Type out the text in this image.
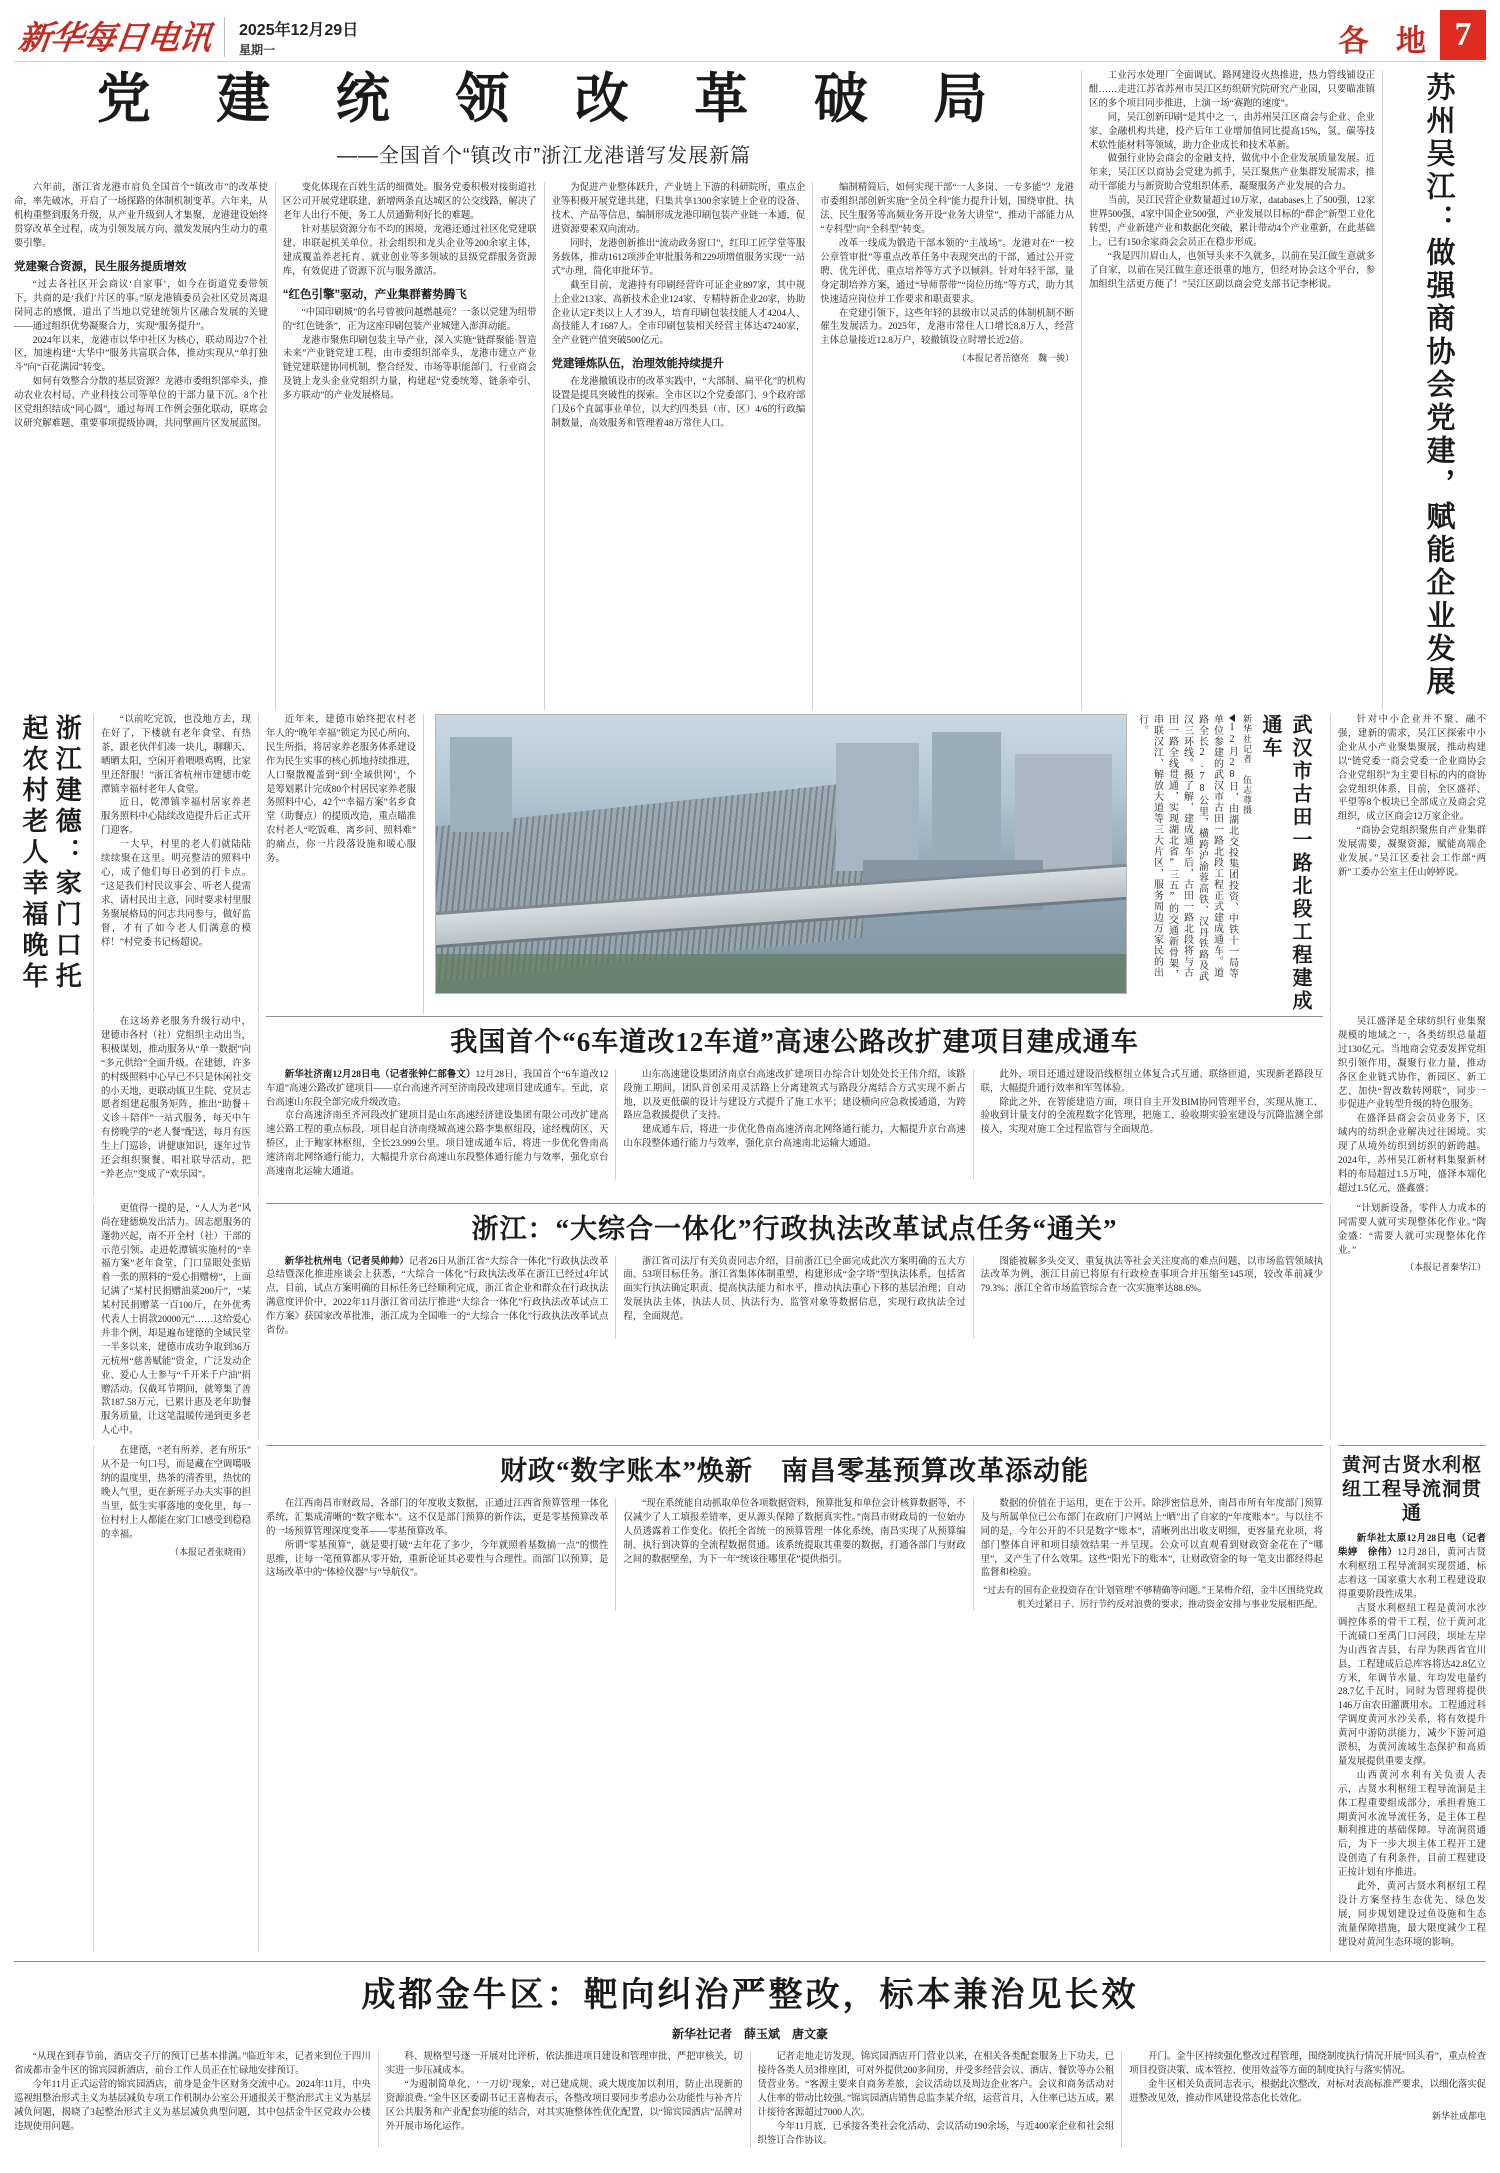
新华每日电讯 2025年12月29日
星期一	各 地 7
党 建 统 领 改 革 破 局
——全国首个“镇改市”浙江龙港谱写发展新篇

六年前，浙江省龙港市肩负全国首个“镇改市”的改革使命，率先破冰，开启了一场探路的体制机制变革。六年来，从机构重整到服务升级，从产业升级到人才集聚，龙港建设始终贯穿改革全过程，成为引领发展方向、激发发展内生动力的重要引擎。

党建聚合资源，民生服务提质增效

“过去各社区开会商议‘自家事’，如今在街道党委带领下，共商的是‘我们’片区的事。”原龙港镇委员会社区党员离退岗同志的感慨，道出了当地以党建统领片区融合发展的关键——通过组织优势凝聚合力，实现“服务提升”。

2024年以来，龙港市以华中社区为核心，联动周边7个社区，加速构建“大华中”服务共富联合体，推动实现从“单打独斗”向“百花满园”转变。

如何有效整合分散的基层资源？龙港市委组织部牵头，推动农业农村局、产业科技公司等单位的干部力量下沉。8个社区党组织结成“同心圆”，通过每周工作例会强化联动，联席会议研究解难题、重要事项提级协调，共同擘画片区发展蓝图。

变化体现在百姓生活的细微处。服务党委积极对接街道社区公司开展党建联建、新增两条直达城区的公交线路，解决了老年人出行不便、务工人员通勤利好长的难题。

针对基层资源分布不均的困境，龙港还通过社区化党建联建、串联起机关单位、社会组织和龙头企业等200余家主体，建成覆盖养老托育、就业创业等多领域的县级党群服务资源库，有效促进了资源下沉与服务激活。

“红色引擎”驱动，产业集群蓄势腾飞

“中国印刷城”的名号曾被问越燃越亮？一条以党建为纽带的“红色链条”，正为这座印刷包装产业城建入澎湃动能。

龙港市聚焦印刷包装主导产业，深入实施“链群聚能·智造未来”产业链党建工程，由市委组织部牵头，龙港市建立产业链党建联建协同机制，整合经发、市场等职能部门，行业商会及链上龙头企业党组织力量，构建起“党委统筹、链条牵引、多方联动”的产业发展格局。

为促进产业整体跃升，产业链上下游的科研院所，重点企业等积极开展党建共建，归集共享1300余家链上企业的设备、技术、产品等信息，编制形成龙港印刷包装产业链一本通，促进资源要素双向流动。

同时，龙港创新推出“流动政务窗口”，红印工匠学堂等服务载体，推动1612项涉企审批服务和229项增值服务实现“一站式”办理，简化审批环节。

截至目前，龙港持有印刷经营许可证企业897家，其中规上企业213家、高新技术企业124家、专精特新企业20家，协助企业认定F类以上人才39人，培育印刷包装技能人才4204人、高技能人才1687人。全市印刷包装相关经营主体达47240家，全产业链产值突破500亿元。

党建锤炼队伍，治理效能持续提升

在龙港撤镇设市的改革实践中，“大部制、扁平化”的机构设置是提具突破性的探索。全市区以2个党委部门、9个政府部门及6个直属事业单位，以大约四类县（市、区）4/6的行政编制数量，高效服务和管理着48万常住人口。

编制精简后，如何实现干部“一人多岗、一专多能”？龙港市委组织部创新实施“全员全科”能力提升计划，围绕审批、执法、民生服务等高频业务开设“业务大讲堂”，推动干部能力从“专科型”向“全科型”转变。

改革一线成为锻造干部本领的“主战场”。龙港对在“一校公章管审批”等重点改革任务中表现突出的干部，通过公开竞聘、优先评优、重点培养等方式予以倾斜。针对年轻干部，量身定制培养方案，通过“导师帮带”“岗位历练”等方式，助力其快速适应岗位并工作要求和职责要求。

在党建引领下，这些年轻的县级市以灵活的体制机制不断催生发展活力。2025年，龙港市常住人口增长8.8万人，经营主体总量接近12.8万户，较撤镇设立时增长近2倍。

（本报记者岳德亮　魏一骏）

工业污水处理厂全面调试、路网建设火热推进，热力管线铺设正酣……走进江苏省苏州市吴江区纺织研究院研究产业园，只要瞄准镇区的多个项目同步推进，上演一场“赛跑的速度”。

同，吴江创新印刷“是其中之一，由苏州吴江区商会与企业、企业家、金融机构共建，投产后年工业增加值同比提高15%，氢、碳等技术软性能材料等领域，助力企业成长和技术革新。

做强行业协会商会的金融支持，做优中小企业发展质量发展。近年来，吴江区以商协会党建为抓手，吴江聚焦产业集群发展需求，推动干部能力与新资助合党组织体系，凝聚服务产业发展的合力。

当前，吴江民营企业数量超过10万家，databases上了500强，12家世界500强，4家中国企业500强，产业发展以目标的“群企”新型工业化转型，产业新建产业和数据化突破，累计带动4个产业重新，在此基础上，已有150余家商会会员正在稳步形成。

“我是四川眉山人，也领导头来不久就多，以前在吴江做生意就多了自家，以前在吴江做生意还很重的地方，但经对协会这个平台，参加组织生活更方便了！”吴江区副以商会党支部书记李彬说。	苏州吴江：做强商协会党建，赋能企业发展
浙江建德：家门口托起农村老人幸福晚年	“以前吃完饭，也没地方去，现在好了，下楼就有老年食堂、有热茶，跟老伙伴们凑一块儿，聊聊天、晒晒太阳，空闲开着喂喂鸡鸭，比家里还舒服！”浙江省杭州市建德市乾潭镇幸福村老年人食堂。

近日，乾潭镇幸福村居家养老服务照料中心陆续改造提升后正式开门迎客。

一大早，村里的老人们就陆陆续续聚在这里。明亮整洁的照料中心，成了他们每日必到的打卡点。“这是我们村民议事会、听老人提需求，请村民出主意，同时要求村里服务聚展格局的问志共同参与，做好监督，才有了如今老人们满意的模样！”村党委书记杨超说。

近年来，建德市始终把农村老年人的“晚年幸福”锁定为民心所向、民生所指，将居家养老服务体系建设作为民生实事的核心抓地持续推进，人口聚散覆盖到“到‘全域供网’，个是筹划累计完成80个村居民家养老服务照料中心，42个“幸福方案”名乡食堂（助餐点）的提质改造，重点瞄准农村老人“吃饭难、离乡问、照料难”的痛点，你一片段落设施和暖心服务。	12月28日，由湖北交投集团投资、中铁十一局等单位参建的武汉市古田一路北段工程正式建成通车。道路全长2.78公里，横跨沪渝蓉高铁、汉丹铁路及武汉三环线。摄了解，建成通车后，古田一路北段将与古田一路全线贯通，实现湖北省“三五”的交通新骨架，串联汉江、解放大道等三大片区，服务周边万家民的出行。	新华社记者 伍志尊摄	武汉市古田一路北段工程建成通车	针对中小企业并不聚、融不强，建新的需求，吴江区探索中小企业从小产业聚集聚展，推动构建以“链党委一商会党委一企业商协会合业党组织”为主要目标的内的商协会党组织体系，目前，全区盛祥、平望等8个板块已全部成立及商会党组织，成立区商会12万家企业。

“商协会党组织聚焦自产业集群发展需要，凝聚资源，赋能高端企业发展。”吴江区委社会工作部“两新”工委办公室主任山婷婷说。

在这场养老服务升级行动中，建德市各村（社）党组织主动出当，积极谋划，推动服务从“单一数据”向“多元供给”全面升级。在建德，许多的村级照料中心早已不只是休闲社交的小天地，更联动镇卫生院、党员志愿者组建起服务矩阵，推出“助餐＋义诊＋陪伴”一站式服务，每天中午有傍晚学的“老人餐”配送，每月有医生上门巡诊，讲健康知识，逐年过节还会组织聚餐、唱社联导活动，把“养老点”变成了“欢乐园”。

我国首个“6车道改12车道”高速公路改扩建项目建成通车

新华社济南12月28日电（记者张钟仁部鲁文）12月28日，我国首个“6车道改12车道”高速公路改扩建项目——京台高速齐河至济南段改建项目建成通车。至此，京台高速山东段全部完成升级改造。

京台高速济南至齐河段改扩建项目是山东高速经济建设集团有限公司改扩建高速公路工程的重点标段，项目起自济南绕城高速公路李集枢纽段，途经槐荫区、天桥区，止于鲍家林枢纽，全长23.999公里。项目建成通车后，将进一步优化鲁南高速济南北网络通行能力，大幅提升京台高速山东段整体通行能力与效率，强化京台高速南北运输大通道。

山东高速建设集团济南京台高速改扩建项目办综合计划处处长王伟介绍，该路段施工期间，团队首创采用灵活路上分离建筑式与路段分离结合方式实现不新占地，以及更低碳的设计与建设方式提升了施工水平；建设横向应急救援通道，为跨路应急救援提供了支持。

建成通车后，将进一步优化鲁南高速济南北网络通行能力，大幅提升京台高速山东段整体通行能力与效率，强化京台高速南北运输大通道。

此外，项目还通过建设沿线枢纽立体复合式互通、联络匝道，实现新老路段互联，大幅提升通行效率和军驾体验。

除此之外，在智能建造方面，项目自主开发BIM协同管理平台，实现从施工、验收到计量支付的全流程数字化管理，把施工、验收期实验室建设与沉降监测全部接入，实现对施工全过程监管与全面规范。

吴江盛泽是全球纺织行业集聚规模的地域之一，各类纺织总量超过130亿元。当地商会党委发挥党组织引领作用，凝聚行业力量，推动各区企业链式协作，新园区、新工艺、加快“智改数转网联”，同步一步促进产业转型升级的特色服务。

在盛泽县商会会员业务下，区域内的纺织企业解决过往困境。实现了从境外纺织到纺织的新跨越。2024年，苏州吴江新材料集聚新材料的布局超过1.5万吨，盛泽本端化超过1.5亿元，盛鑫盛；

更值得一提的是，“人人为老”风尚在建德焕发出活力。因志愿服务的蓬勃兴起，南不开全村（社）干部的示范引领。走进乾潭镇实施村的“幸福方案”老年食堂，门口显眼处张贴着一张的照料的“爱心捐赠榜”，上面记满了“某村民捐赠油菜200斤”，“某某村民捐赠菜一百100斤，在外优秀代表人士捐款20000元”……这给爱心并非个例，却是遍布建德的全域民堂一半多以来，建德市成功争取到36万元杭州“慈善赋能”资金，广泛发动企业、爱心人士参与“千开米千户油”捐赠活动。仅截耳节期间，就筹集了善款187.58万元，已累计惠及老年助餐服务质量，让这笔温暖传递到更多老人心中。

浙江：“大综合一体化”行政执法改革试点任务“通关”

新华社杭州电（记者吴帅帅）记者26日从浙江省“大综合一体化”行政执法改革总结暨深化推进座谈会上获悉，“大综合一体化”行政执法改革在浙江已经过4年试点，目前，试点方案明确的目标任务已经顺利完成，浙江省企业和群众在行政执法满意度评价中，2022年11月浙江省司法厅推进“大综合一体化”行政执法改革试点工作方案》获国家改革批准，浙江成为全国唯一的“大综合一体化”行政执法改革试点省份。

浙江省司法厅有关负责同志介绍，目前浙江已全面完成此次方案明确的五大方面、53项目标任务。浙江省集体体制重塑，构建形成“金字塔”型执法体系，包括省面实行执法确定职责、提高执法能力和水平，推动执法重心下移的基层治理；自动发展执法主体，执法人员、执法行为、监管对象等数据信息，实现行政执法全过程，全面规范。

图能被解多头交叉、重复执法等社会关注度高的难点问题，以市场监管领域执法改革为例，浙江目前已将原有行政检查事项合并压缩至145项，较改革前减少79.3%；浙江全省市场监管综合查一次实施率达88.6%。

“计划新设备，零件人力成本的同需要人就可实现整体化作业。”陶金盛：“需要人就可实现整体化作业。”

（本报记者秦华江）

在建德，“老有所养、老有所乐”从不是一句口号，而是藏在空调噶吸纳的温度里，热茶的清香里，热忱的晚人气里，更在新班子办夫实事的担当里，低生实事落地的变化里，每一位村村上人都能在家门口感受到稳稳的幸福。

（本报记者张晓雨）
财政“数字账本”焕新　南昌零基预算改革添动能

在江西南昌市财政局，各部门的年度收支数据，正通过江西省预算管理一体化系统，汇集成清晰的“数字账本”。这不仅是部门预算的新作法，更是零基预算改革的一场预算管理深度变革——零基预算改革。

所谓“零基预算”，就是要打破“去年花了多少，今年就照着基数搞一点”的惯性思维，让每一笔预算都从零开始，重新论证其必要性与合理性。而部门以预算，是这场改革中的“体检仪器”与“导航仪”。

“现在系统能自动抓取单位各项数据资料，预算批复和单位会计核算数据等，不仅减少了人工填报差错率，更从源头保障了数据真实性。”南昌市财政局的一位始办人员透露着工作变化。依托全省统一的预算管理一体化系统，南昌实现了从预算编制、执行到决算的全流程数据贯通。该系统提取其重要的数据，打通各部门与财政之间的数据壁垒，为下一年“统该往哪里花”提供指引。

数据的价值在于运用，更在于公开。除涉密信息外，南昌市所有年度部门预算及与所属单位已公布部门在政府门户网站上“晒”出了自家的“年度账本”。与以往不同的是，今年公开的不只是数字“账本”，清晰列出出收支明细，更容量充业项，将部门整体自评和项目绩效结果一并呈现。公众可以直观看到财政资金花在了“哪里”，又产生了什么效果。这些“阳光下的账本”，让财政资金的每一笔支出都经得起监督和检验。

“过去有的国有企业投资存在'计划管理'不够精确等问题。”王某梅介绍，金牛区围绕党政机关过紧日子、厉行节约反对浪费的要求，推动资金安排与事业发展相匹配。
黄河古贤水利枢纽工程导流洞贯通

新华社太原12月28日电（记者柴婷　徐伟）12月28日，黄河古贤水利枢纽工程导流洞实现贯通，标志着这一国家重大水利工程建设取得重要阶段性成果。

古贤水利枢纽工程是黄河水沙调控体系的骨干工程，位于黄河北干流碛口至禹门口河段，坝址左岸为山西省吉县，右岸为陕西省宜川县。工程建成后总库容将达42.8亿立方米，年调节水量、年均发电量约28.7亿千瓦时，同时为管理将提供146万亩农田灌溉用水。工程通过科学调度黄河水沙关系，将有效提升黄河中游防洪能力，减少下游河道淤积，为黄河流域生态保护和高质量发展提供重要支撑。

山西黄河水利有关负责人表示，古贤水利枢纽工程导流洞是主体工程重要组成部分，承担着施工期黄河水流导流任务，是主体工程顺利推进的基础保障。导流洞贯通后，为下一步大坝主体工程开工建设创造了有利条件，目前工程建设正按计划有序推进。

此外，黄河古贤水利枢纽工程设计方案坚持生态优先、绿色发展，同步规划建设过鱼设施和生态流量保障措施，最大限度减少工程建设对黄河生态环境的影响。

成都金牛区：靶向纠治严整改，标本兼治见长效
新华社记者　薛玉斌　唐文豪

“从现在到春节前，酒店交子厅的预订已基本排满。”临近年末，记者来到位于四川省成都市金牛区的锦宾园新酒店，前台工作人员正在忙碌地安排预订。

今年11月正式运营的锦宾园酒店，前身是金牛区财务交流中心。2024年11月，中央巡视组整治形式主义为基层减负专项工作机制办公室公开通报关于整治形式主义为基层减负问题，揭晓了3起整治形式主义为基层减负典型问题，其中包括金牛区党政办公楼违规使用问题。

科、规格型号逐一开展对比评析，依法推进项目建设和管理审批、严把审核关，切实进一步压减成本。

“为遏制简单化、‘一刀切’现象，对已建成规、或大规度加以利用，防止出现新的资源浪费。”金牛区区委副书记王喜梅表示，各整改项目要同步考虑办公功能性与补齐片区公共服务和产业配套功能的结合，对其实施整体性优化配置，以“锦宾园酒店”品牌对外开展市场化运作。

记者走地走访发现，锦宾园酒店开门营业以来，在相关各类配套服务上下功夫，已接待各类人员3排座团，可对外提供200多间房，并受多经营会议、酒店、餐饮等办公租赁营业务。“客源主要来自商务差旅，会议活动以及周边企业客户。会议和商务活动对人住率的带动比较强。”锦宾园酒店销售总监李某介绍，运营首月，入住率已达五成，累计接待客源超过7000人次。

今年11月底，已承接各类社会化活动、会议活动190余场，与近400家企业和社会组织签订合作协议。

开门。金牛区持续强化整改过程管理，围绕制度执行情况开展“回头看”，重点检查项目投资决策、成本管控、使用效益等方面的制度执行与落实情况。

金牛区相关负责同志表示，根据此次整改，对标对表高标准严要求，以细化落实促进整改见效，推动作风建设常态化长效化。

新华社成都电
